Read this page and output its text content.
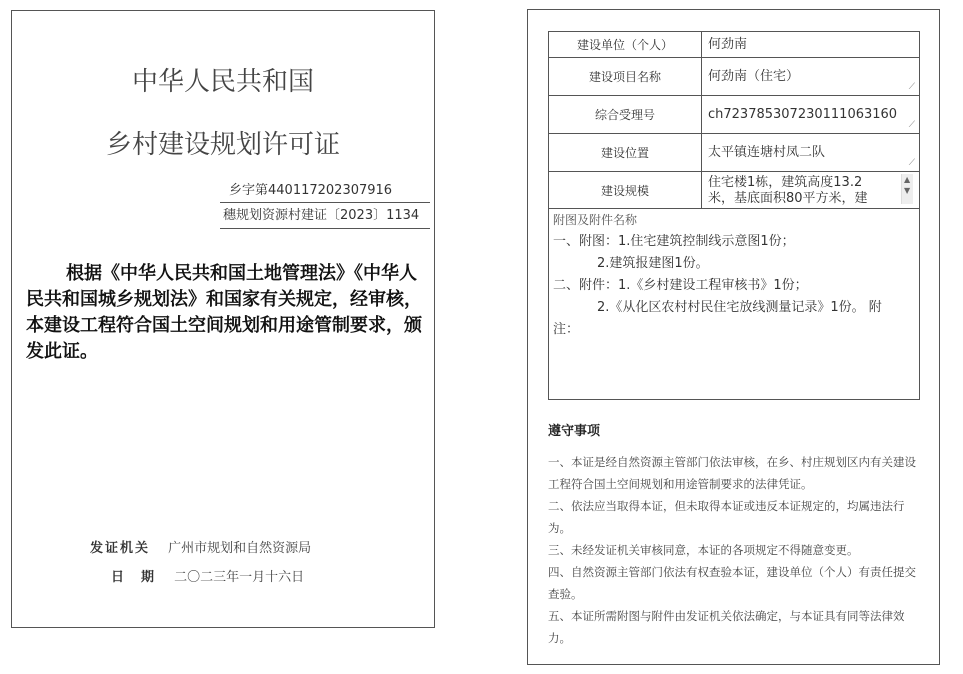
中华人民共和国
乡村建设规划许可证
乡字第440117202307916
穗规划资源村建证〔2023〕1134
根据《中华人民共和国土地管理法》《中华人民共和国城乡规划法》和国家有关规定，经审核，本建设工程符合国土空间规划和用途管制要求，颁发此证。
发证机关 广州市规划和自然资源局
日　期 二〇二三年一月十六日
建设单位（个人）	何劲南

建设项目名称	何劲南（住宅）
⟋

综合受理号	ch723785307230111063160
⟋

建设位置	太平镇连塘村凤二队
⟋

建设规模	住宅楼1栋，建筑高度13.2米，基底面积80平方米，建
▲
▼
附图及附件名称
一、附图：1.住宅建筑控制线示意图1份；
2.建筑报建图1份。
二、附件：1.《乡村建设工程审核书》1份；
2.《从化区农村村民住宅放线测量记录》1份。 附
注：
遵守事项
一、本证是经自然资源主管部门依法审核，在乡、村庄规划区内有关建设工程符合国土空间规划和用途管制要求的法律凭证。
二、依法应当取得本证，但未取得本证或违反本证规定的，均属违法行为。
三、未经发证机关审核同意，本证的各项规定不得随意变更。
四、自然资源主管部门依法有权查验本证，建设单位（个人）有责任提交查验。
五、本证所需附图与附件由发证机关依法确定，与本证具有同等法律效力。
